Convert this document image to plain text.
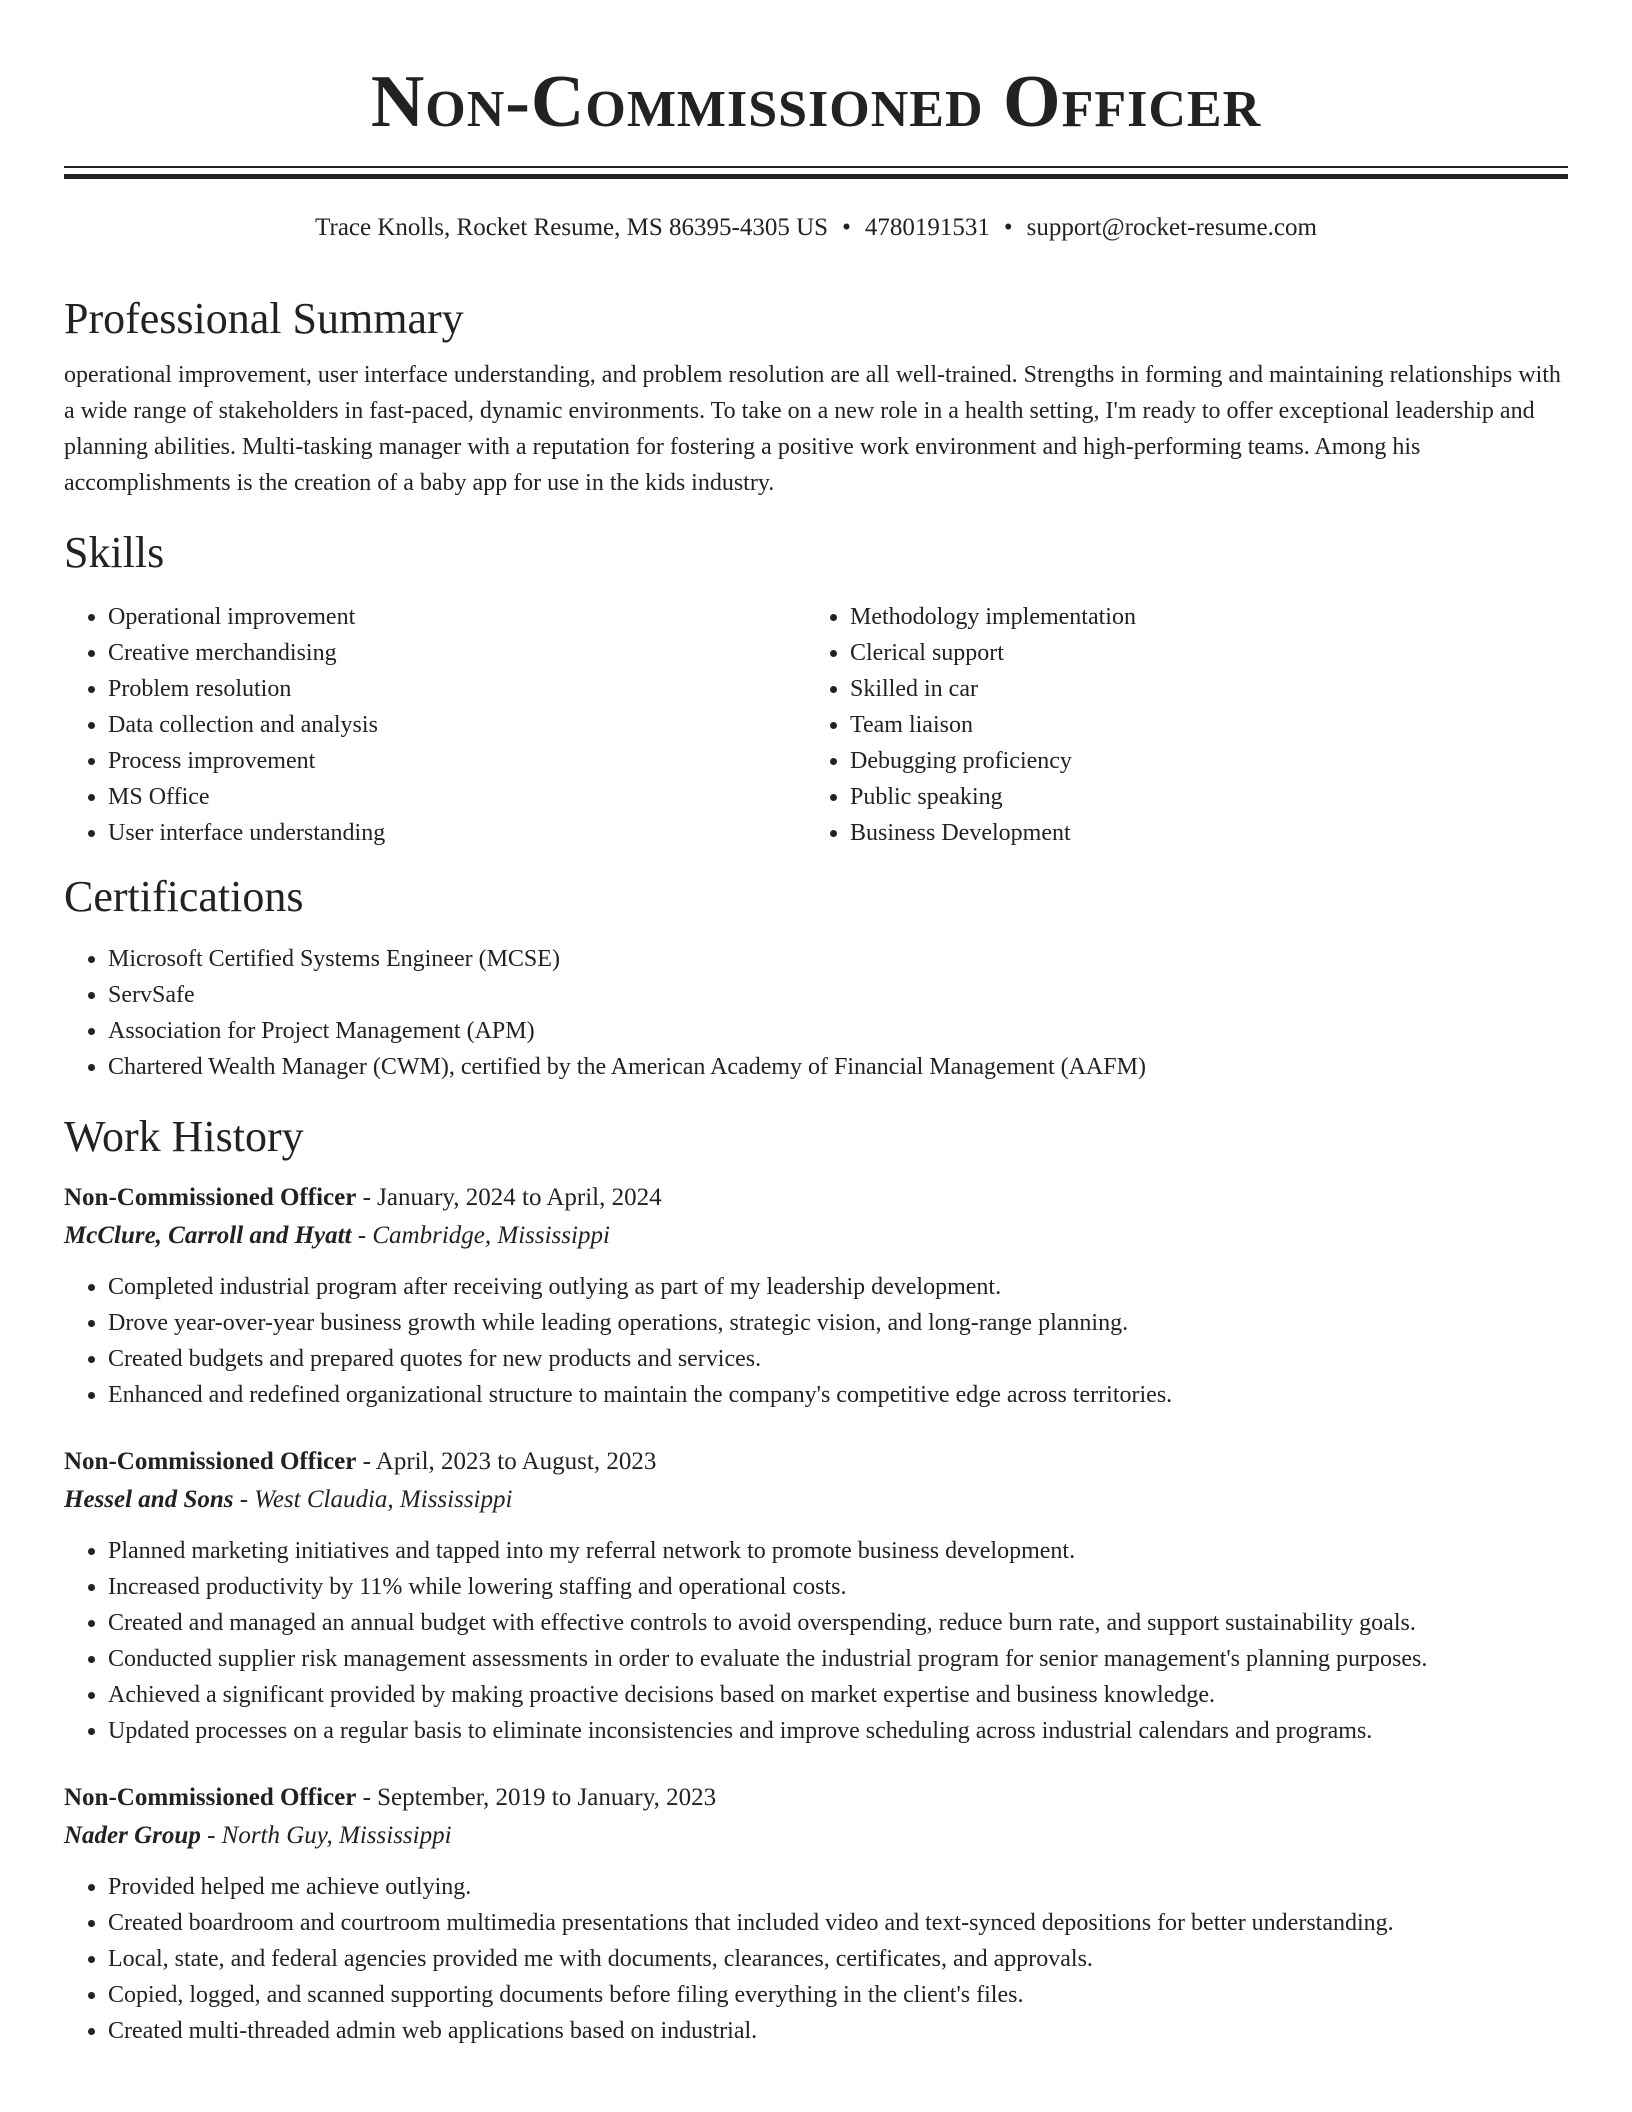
Non-Commissioned Officer
Trace Knolls, Rocket Resume, MS 86395-4305 US • 4780191531 • support@rocket-resume.com
Professional Summary

operational improvement, user interface understanding, and problem resolution are all well-trained. Strengths in forming and maintaining relationships with a wide range of stakeholders in fast-paced, dynamic environments. To take on a new role in a health setting, I'm ready to offer exceptional leadership and planning abilities. Multi-tasking manager with a reputation for fostering a positive work environment and high-performing teams. Among his accomplishments is the creation of a baby app for use in the kids industry.

Skills
• Operational improvement
• Creative merchandising
• Problem resolution
• Data collection and analysis
• Process improvement
• MS Office
• User interface understanding
• Methodology implementation
• Clerical support
• Skilled in car
• Team liaison
• Debugging proficiency
• Public speaking
• Business Development
Certifications
• Microsoft Certified Systems Engineer (MCSE)
• ServSafe
• Association for Project Management (APM)
• Chartered Wealth Manager (CWM), certified by the American Academy of Financial Management (AAFM)
Work History
Non-Commissioned Officer - January, 2024 to April, 2024
McClure, Carroll and Hyatt - Cambridge, Mississippi
• Completed industrial program after receiving outlying as part of my leadership development.
• Drove year-over-year business growth while leading operations, strategic vision, and long-range planning.
• Created budgets and prepared quotes for new products and services.
• Enhanced and redefined organizational structure to maintain the company's competitive edge across territories.
Non-Commissioned Officer - April, 2023 to August, 2023
Hessel and Sons - West Claudia, Mississippi
• Planned marketing initiatives and tapped into my referral network to promote business development.
• Increased productivity by 11% while lowering staffing and operational costs.
• Created and managed an annual budget with effective controls to avoid overspending, reduce burn rate, and support sustainability goals.
• Conducted supplier risk management assessments in order to evaluate the industrial program for senior management's planning purposes.
• Achieved a significant provided by making proactive decisions based on market expertise and business knowledge.
• Updated processes on a regular basis to eliminate inconsistencies and improve scheduling across industrial calendars and programs.
Non-Commissioned Officer - September, 2019 to January, 2023
Nader Group - North Guy, Mississippi
• Provided helped me achieve outlying.
• Created boardroom and courtroom multimedia presentations that included video and text-synced depositions for better understanding.
• Local, state, and federal agencies provided me with documents, clearances, certificates, and approvals.
• Copied, logged, and scanned supporting documents before filing everything in the client's files.
• Created multi-threaded admin web applications based on industrial.
